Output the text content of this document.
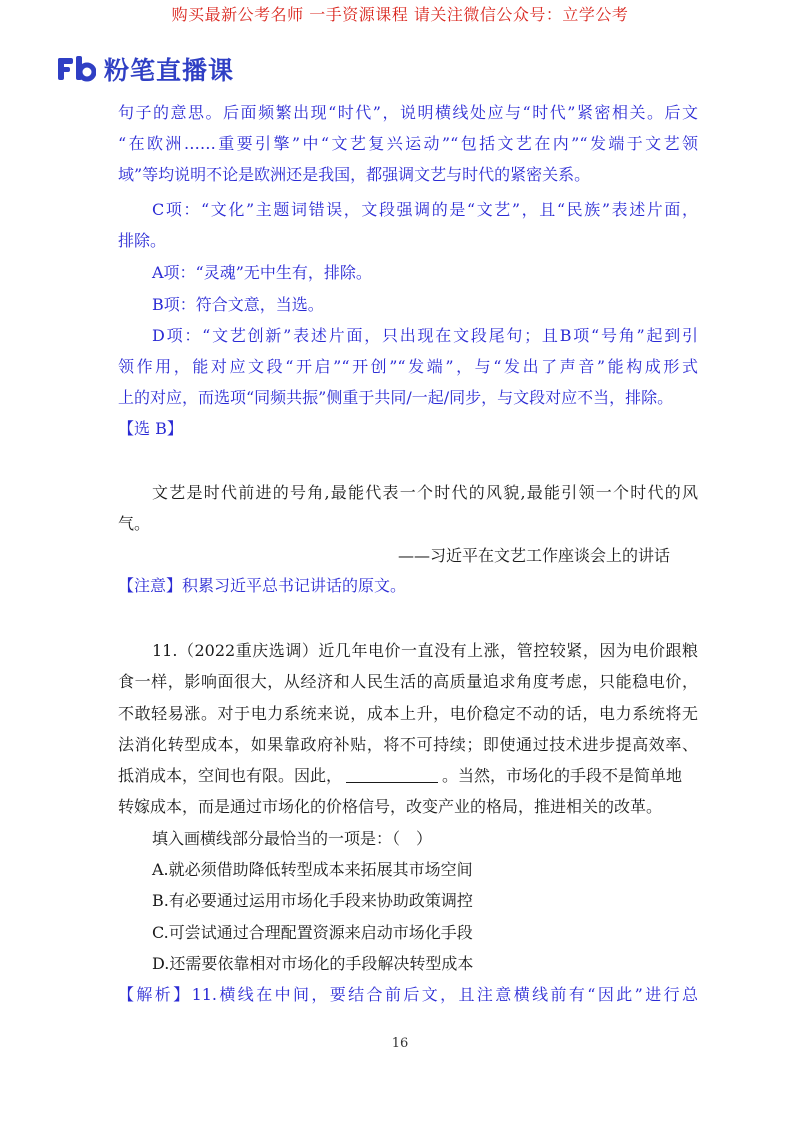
购买最新公考名师 一手资源课程 请关注微信公众号：立学公考
粉笔直播课
句子的意思。后面频繁出现“时代”，说明横线处应与“时代”紧密相关。后文
“在欧洲……重要引擎”中“文艺复兴运动”“包括文艺在内”“发端于文艺领
域”等均说明不论是欧洲还是我国，都强调文艺与时代的紧密关系。
C项：“文化”主题词错误，文段强调的是“文艺”，且“民族”表述片面，
排除。
A项：“灵魂”无中生有，排除。
B项：符合文意，当选。
D项：“文艺创新”表述片面，只出现在文段尾句；且B项“号角”起到引
领作用，能对应文段“开启”“开创”“发端”，与“发出了声音”能构成形式
上的对应，而选项“同频共振”侧重于共同/一起/同步，与文段对应不当，排除。
【选 B】
文艺是时代前进的号角,最能代表一个时代的风貌,最能引领一个时代的风
气。
——习近平在文艺工作座谈会上的讲话
【注意】积累习近平总书记讲话的原文。
11.（2022重庆选调）近几年电价一直没有上涨，管控较紧，因为电价跟粮
食一样，影响面很大，从经济和人民生活的高质量追求角度考虑，只能稳电价，
不敢轻易涨。对于电力系统来说，成本上升，电价稳定不动的话，电力系统将无
法消化转型成本，如果靠政府补贴，将不可持续；即使通过技术进步提高效率、
抵消成本，空间也有限。因此，	。当然，市场化的手段不是简单地
转嫁成本，而是通过市场化的价格信号，改变产业的格局，推进相关的改革。
填入画横线部分最恰当的一项是：（　）
A.就必须借助降低转型成本来拓展其市场空间
B.有必要通过运用市场化手段来协助政策调控
C.可尝试通过合理配置资源来启动市场化手段
D.还需要依靠相对市场化的手段解决转型成本
【解析】11.横线在中间，要结合前后文，且注意横线前有“因此”进行总
16
